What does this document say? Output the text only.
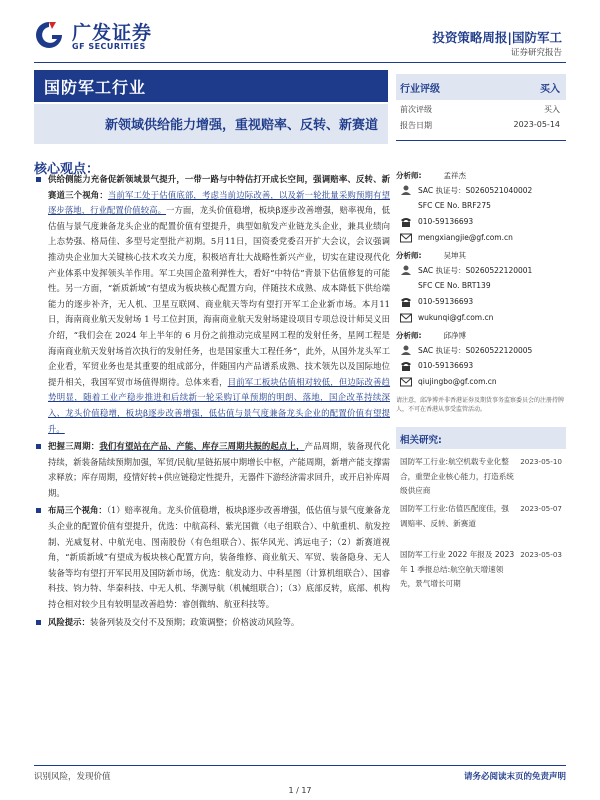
广发证券
GF SECURITIES
投资策略周报|国防军工
证券研究报告
国防军工行业
新领域供给能力增强，重视赔率、反转、新赛道
核心观点：
供给侧能力充备促新领域景气提升，一带一路与中特估打开成长空间，强调赔率、反转、新赛道三个视角：当前军工处于估值底部，考虑当前边际改善，以及新一轮批量采购预期有望逐步落地，行业配置价值较高。一方面，龙头价值稳增，板块β逐步改善增强，赔率视角，低估值与景气度兼备龙头企业的配置价值有望提升，典型如航发产业链龙头企业，兼具业绩向上态势强、格局佳、多型号定型批产初期。5月11日，国资委党委召开扩大会议，会议强调推动央企业加大关键核心技术攻关力度，积极培育壮大战略性新兴产业，切实在建设现代化产业体系中发挥领头羊作用。军工央国企盈利弹性大，看好“中特估”背景下估值修复的可能性。另一方面，“新质新域”有望成为板块核心配置方向，伴随技术成熟、成本降低下供给端能力的逐步补齐，无人机、卫星互联网、商业航天等均有望打开军工企业新市场。本月11日，海南商业航天发射场 1 号工位封顶，海南商业航天发射场建设项目专项总设计师吴义田介绍，“我们会在 2024 年上半年的 6 月份之前推动完成星网工程的发射任务，星网工程是海南商业航天发射场首次执行的发射任务，也是国家重大工程任务”，此外，从国外龙头军工企业看，军贸业务也是其重要的组成部分，伴随国内产品谱系成熟、技术领先以及国际地位提升相关，我国军贸市场值得期待。总体来看，目前军工板块估值相对较低，但边际改善趋势明显，随着工业产稳步推进和后续新一轮采购订单预期的明朗、落地，国企改革持续深入、龙头价值稳增，板块β逐步改善增强，低估值与景气度兼备龙头企业的配置价值有望提升。
把握三周期：我们有望站在产品、产能、库存三周期共振的起点上，产品周期，装备现代化持续，新装备陆续预期加强，军贸/民航/星链拓展中期增长中枢，产能周期，新增产能支撑需求释放；库存周期，疫情好转+供应链稳定性提升，无器件下游经济需求回升，或开启补库周期。
布局三个视角：（1）赔率视角。龙头价值稳增，板块β逐步改善增强，低估值与景气度兼备龙头企业的配置价值有望提升，优选：中航高科、紫光国微（电子组联合）、中航重机、航发控制、光威复材、中航光电、图南股份（有色组联合）、振华风光、鸿远电子；（2）新赛道视角，“新质新域”有望成为板块核心配置方向，装备维修、商业航天、军贸、装备隐身、无人装备等均有望打开军民用及国防新市场，优选：航发动力、中科星图（计算机组联合）、国睿科技、钧力特、华秦科技、中无人机、华测导航（机械组联合）；（3）底部反转，底部、机构持仓相对较少且有较明显改善趋势：睿创微纳、航亚科技等。
风险提示：装备列装及交付不及预期；政策调整；价格波动风险等。
行业评级	买入
前次评级	买入
报告日期	2023-05-14
分析师:	孟祥杰
SAC 执证号：S0260521040002
SFC CE No. BRF275
010-59136693
mengxiangjie@gf.com.cn
分析师:	吴坤其
SAC 执证号：S0260522120001
SFC CE No. BRT139
010-59136693
wukunqi@gf.com.cn
分析师:	邱净博
SAC 执证号：S0260522120005
010-59136693
qiujingbo@gf.com.cn
请注意，邱净博并非香港证券及期货事务监察委员会的注册持牌人，不可在香港从事受监管活动。
相关研究:
国防军工行业:航空机载专业化整合，重塑企业核心能力，打造系统级供应商
2023-05-10
国防军工行业:估值匹配度佳，强调赔率、反转、新赛道
2023-05-07
国防军工行业 2022 年报及 2023 年 1 季报总结:航空航天增速领先，景气增长可期
2023-05-03
识别风险，发现价值	请务必阅读末页的免责声明
1 / 17
